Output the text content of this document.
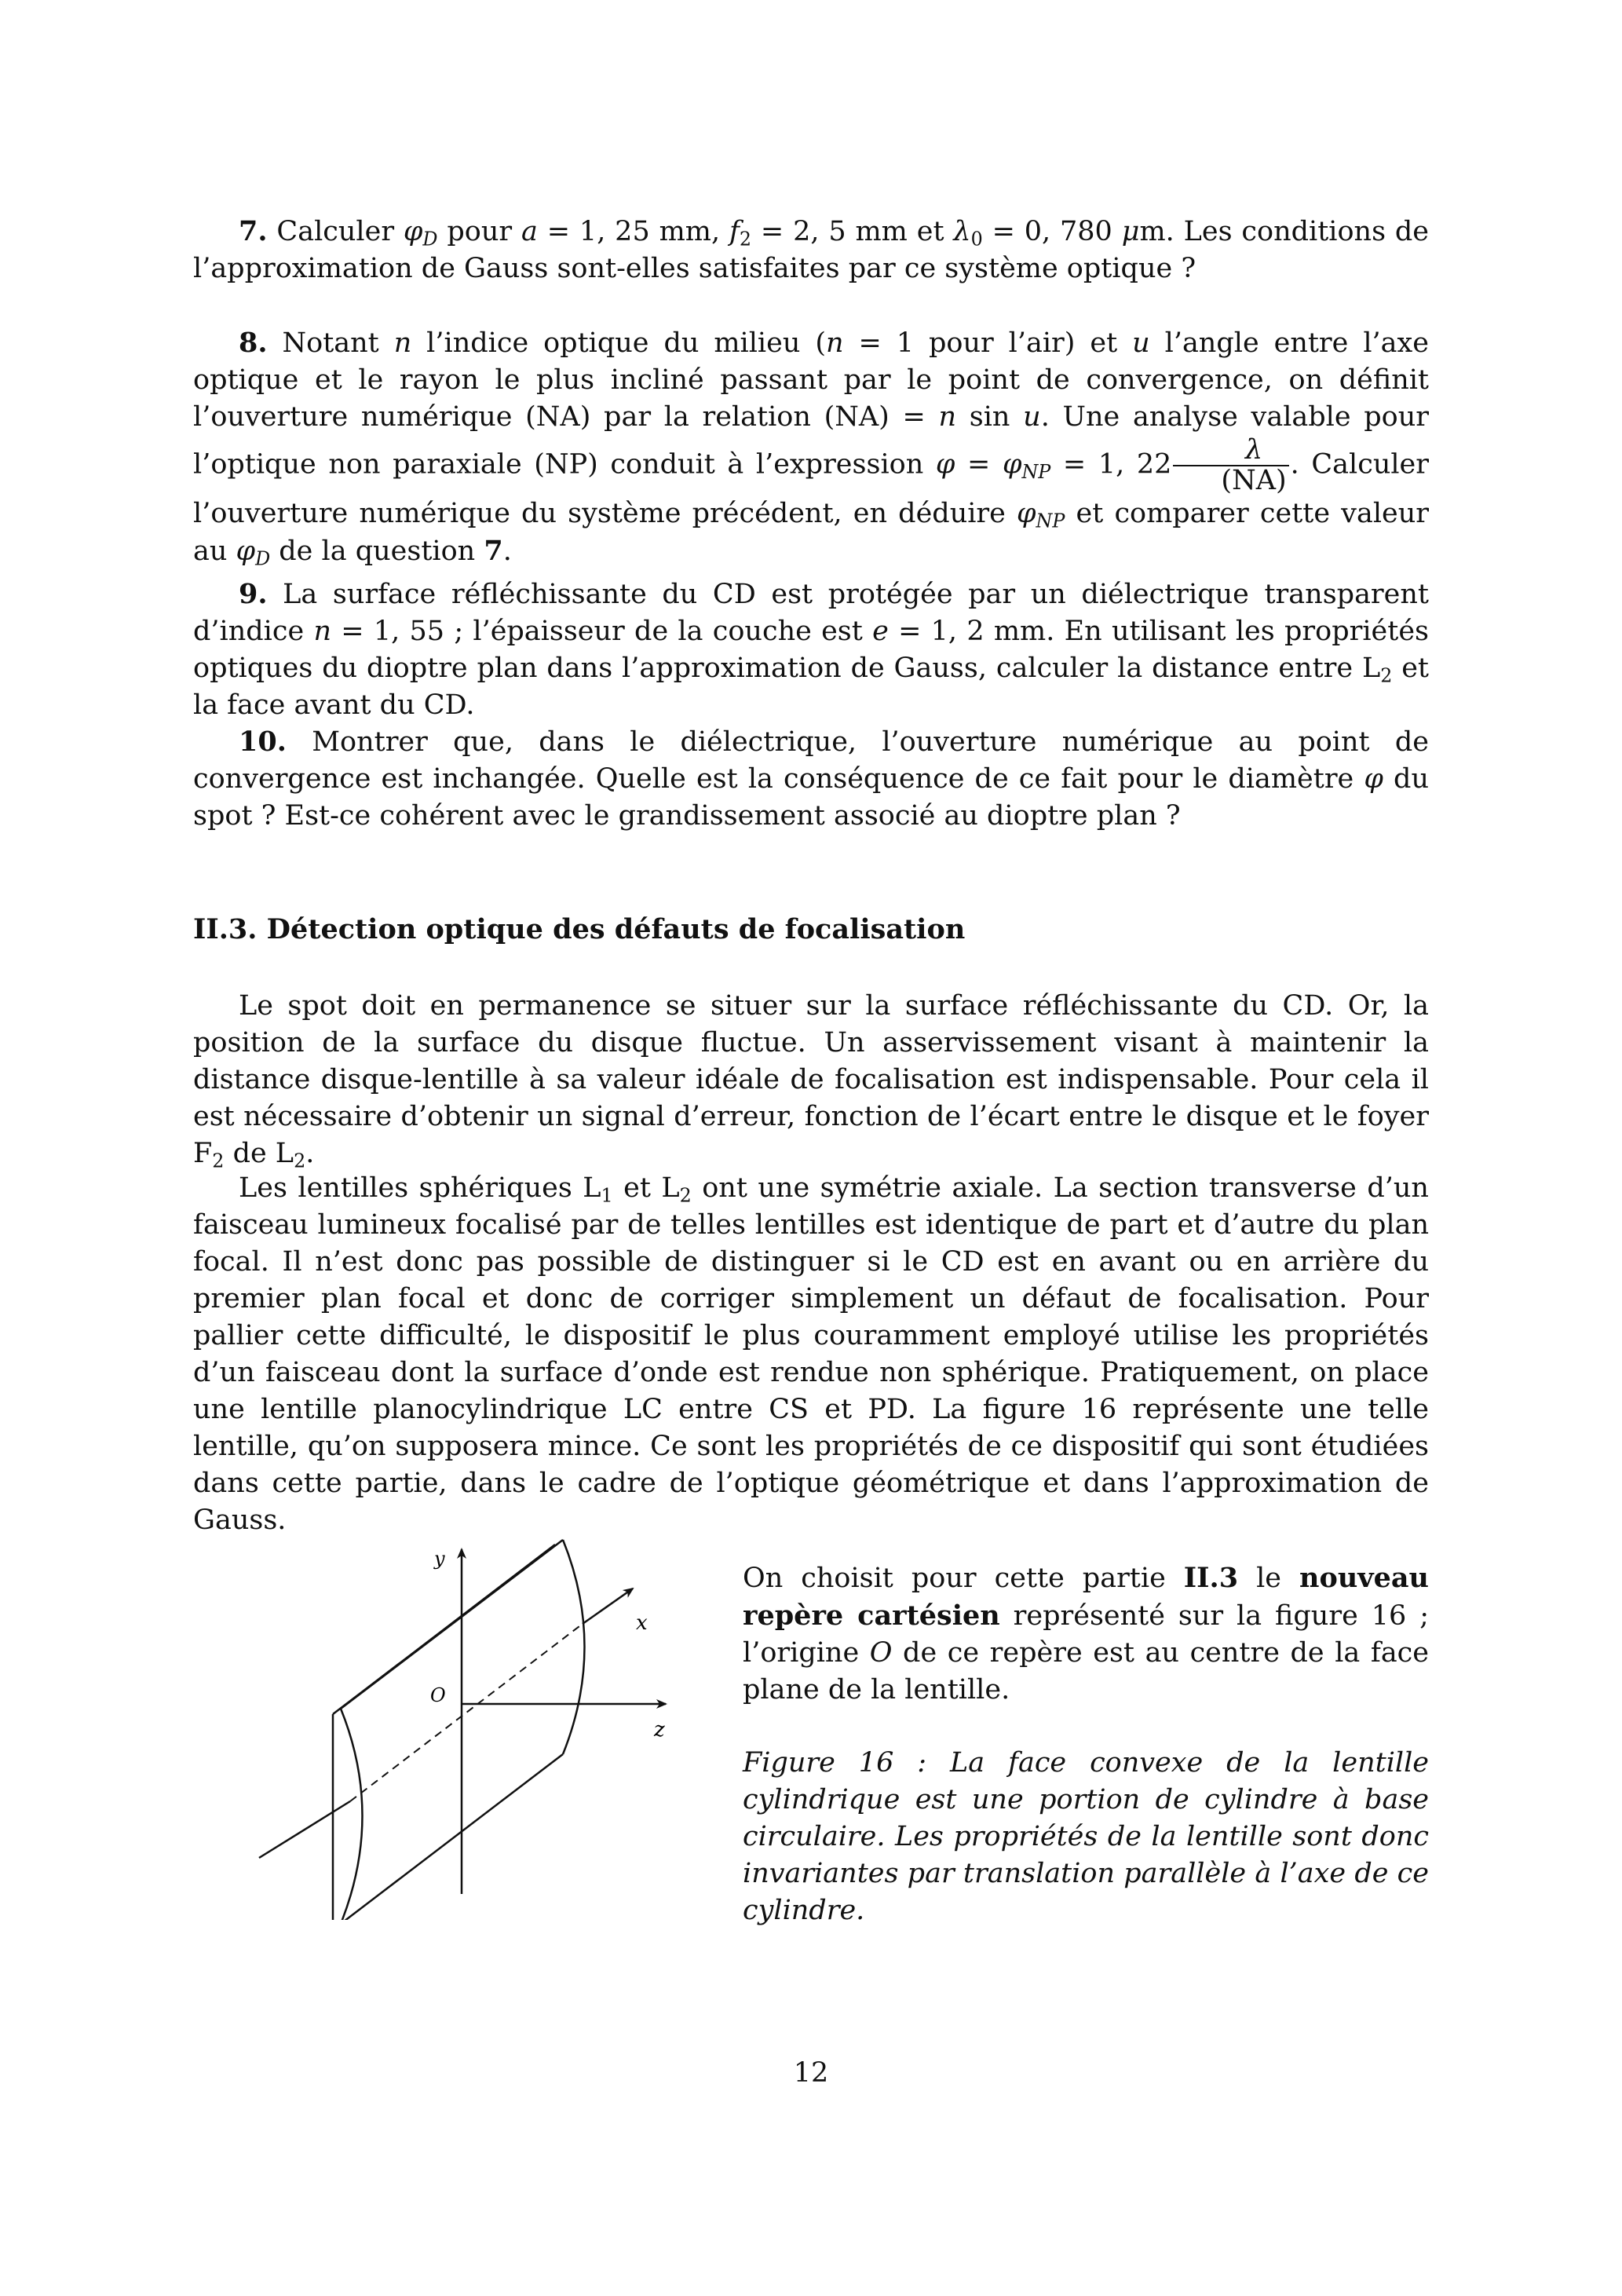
7. Calculer $\varphi_D$ pour a = 1, 25 mm, $f_2 = 2$, 5 mm et $\lambda_0 = 0$, 780 μm. Les conditions de l’approximation de Gauss sont-elles satisfaites par ce système optique ?

8. Notant n l’indice optique du milieu (n = 1 pour l’air) et u l’angle entre l’axe optique et le rayon le plus incliné passant par le point de convergence, on définit l’ouverture numérique (NA) par la relation (NA) = n sin u. Une analyse valable pour l’optique non paraxiale (NP) conduit à l’expression $\varphi = \varphi_{NP} = 1$, $22 \frac{\lambda}{(NA)}$ . Calculer l’ouverture numérique du système précédent, en déduire $\varphi_{NP}$ et comparer cette valeur au $\varphi_D$ de la question 7.

9. La surface réfléchissante du CD est protégée par un diélectrique transparent d’indice n = 1, 55 ; l’épaisseur de la couche est e = 1, 2 mm. En utilisant les propriétés optiques du dioptre plan dans l’approximation de Gauss, calculer la distance entre $L_2$ et la face avant du CD.

10. Montrer que, dans le diélectrique, l’ouverture numérique au point de convergence est inchangée. Quelle est la conséquence de ce fait pour le diamètre φ du spot ? Est-ce cohérent avec le grandissement associé au dioptre plan ?

II.3. Détection optique des défauts de focalisation

Le spot doit en permanence se situer sur la surface réfléchissante du CD. Or, la position de la surface du disque fluctue. Un asservissement visant à maintenir la distance disque-lentille à sa valeur idéale de focalisation est indispensable. Pour cela il est nécessaire d’obtenir un signal d’erreur, fonction de l’écart entre le disque et le foyer $F_2$ de $L_2$.

Les lentilles sphériques $L_1$ et $L_2$ ont une symétrie axiale. La section transverse d’un faisceau lumineux focalisé par de telles lentilles est identique de part et d’autre du plan focal. Il n’est donc pas possible de distinguer si le CD est en avant ou en arrière du premier plan focal et donc de corriger simplement un défaut de focalisation. Pour pallier cette difficulté, le dispositif le plus couramment employé utilise les propriétés d’un faisceau dont la surface d’onde est rendue non sphérique. Pratiquement, on place une lentille planocylindrique LC entre CS et PD. La figure 16 représente une telle lentille, qu’on supposera mince. Ce sont les propriétés de ce dispositif qui sont étudiées dans cette partie, dans le cadre de l’optique géométrique et dans l’approximation de Gauss.

y
x
z
O

On choisit pour cette partie II.3 le nouveau repère cartésien représenté sur la figure 16 ; l’origine O de ce repère est au centre de la face plane de la lentille.

Figure 16 : La face convexe de la lentille cylindrique est une portion de cylindre à base circulaire. Les propriétés de la lentille sont donc invariantes par translation parallèle à l’axe de ce cylindre.

12
